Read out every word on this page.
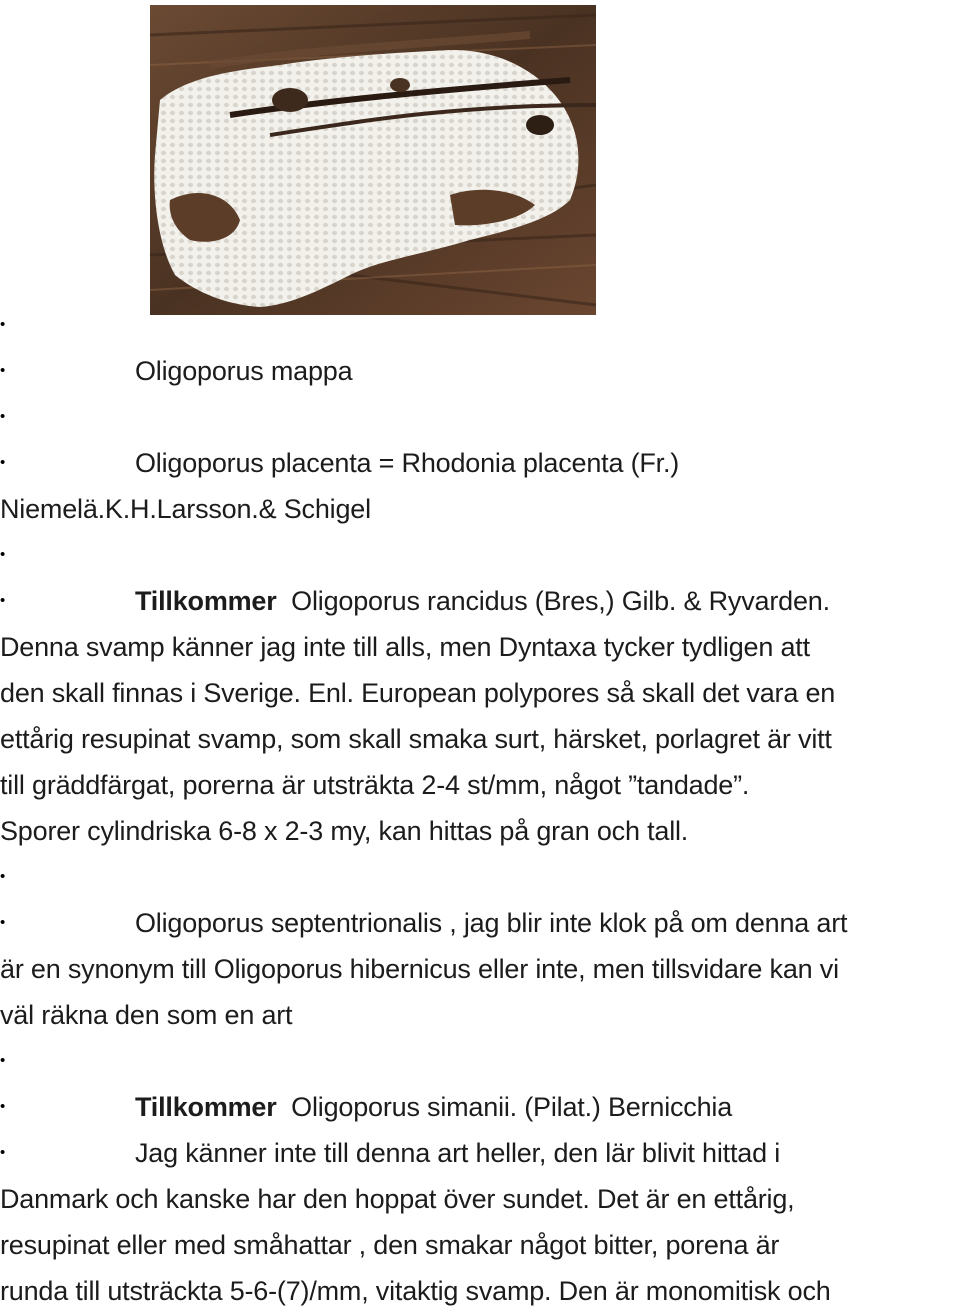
•
• Oligoporus mappa
•
• Oligoporus placenta = Rhodonia placenta (Fr.)
Niemelä.K.H.Larsson.& Schigel
•
• Tillkommer Oligoporus rancidus (Bres,) Gilb. & Ryvarden.
Denna svamp känner jag inte till alls, men Dyntaxa tycker tydligen att
den skall finnas i Sverige. Enl. European polypores så skall det vara en
ettårig resupinat svamp, som skall smaka surt, härsket, porlagret är vitt
till gräddfärgat, porerna är utsträkta 2-4 st/mm, något ”tandade”.
Sporer cylindriska 6-8 x 2-3 my, kan hittas på gran och tall.
•
• Oligoporus septentrionalis , jag blir inte klok på om denna art
är en synonym till Oligoporus hibernicus eller inte, men tillsvidare kan vi
väl räkna den som en art
•
• Tillkommer Oligoporus simanii. (Pilat.) Bernicchia
• Jag känner inte till denna art heller, den lär blivit hittad i
Danmark och kanske har den hoppat över sundet. Det är en ettårig,
resupinat eller med småhattar , den smakar något bitter, porena är
runda till utsträckta 5-6-(7)/mm, vitaktig svamp. Den är monomitisk och
